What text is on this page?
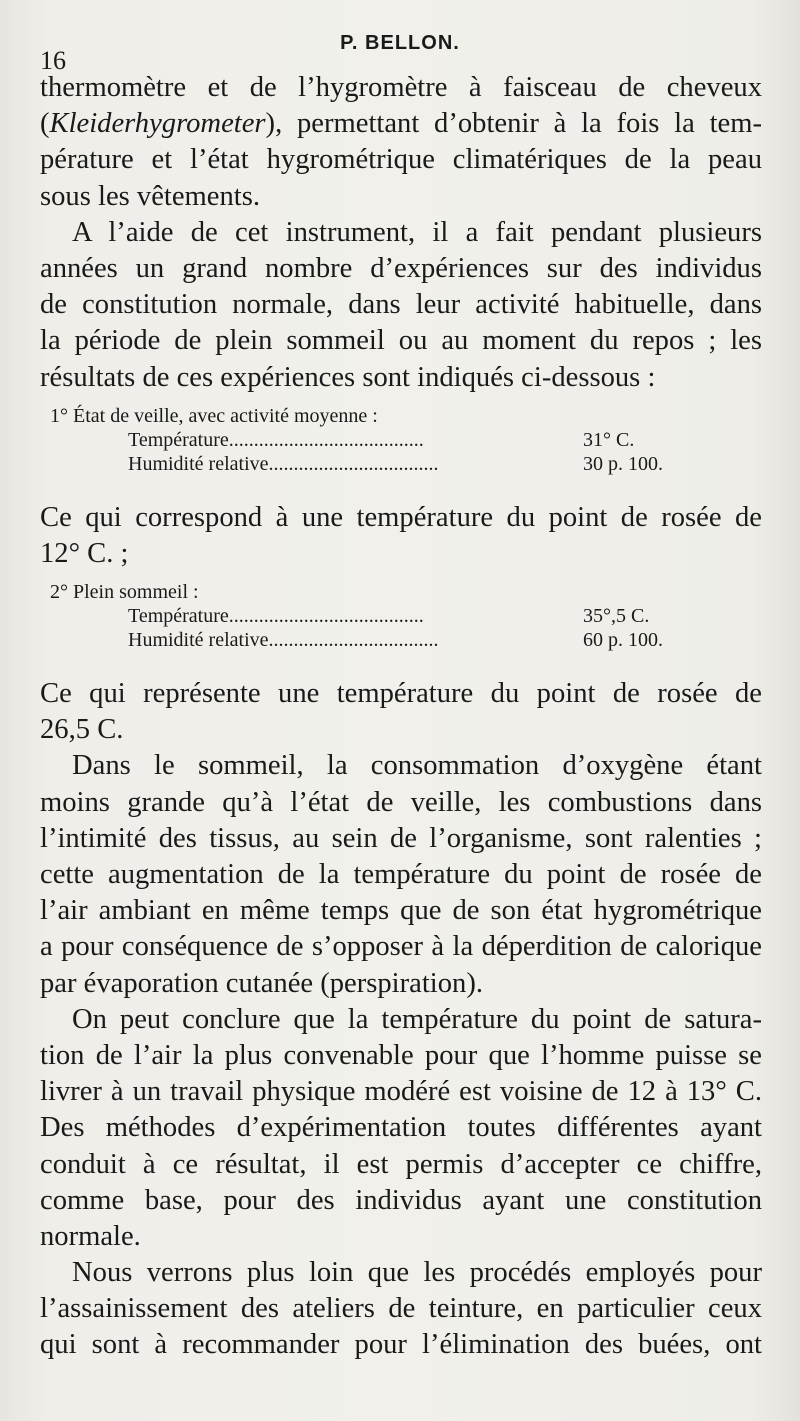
16
P. BELLON.
thermomètre et de l’hygromètre à faisceau de cheveux
(Kleiderhygrometer), permettant d’obtenir à la fois la tem-
pérature et l’état hygrométrique climatériques de la peau
sous les vêtements.
A l’aide de cet instrument, il a fait pendant plusieurs
années un grand nombre d’expériences sur des individus
de constitution normale, dans leur activité habituelle, dans
la période de plein sommeil ou au moment du repos ; les
résultats de ces expériences sont indiqués ci-dessous :
1° État de veille, avec activité moyenne :
Température.......................................	31° C.
Humidité relative..................................	30 p. 100.
Ce qui correspond à une température du point de rosée de
12° C. ;
2° Plein sommeil :
Température.......................................	35°,5 C.
Humidité relative..................................	60 p. 100.
Ce qui représente une température du point de rosée de
26,5 C.
Dans le sommeil, la consommation d’oxygène étant
moins grande qu’à l’état de veille, les combustions dans
l’intimité des tissus, au sein de l’organisme, sont ralenties ;
cette augmentation de la température du point de rosée de
l’air ambiant en même temps que de son état hygrométrique
a pour conséquence de s’opposer à la déperdition de calorique
par évaporation cutanée (perspiration).
On peut conclure que la température du point de satura-
tion de l’air la plus convenable pour que l’homme puisse se
livrer à un travail physique modéré est voisine de 12 à 13° C.
Des méthodes d’expérimentation toutes différentes ayant
conduit à ce résultat, il est permis d’accepter ce chiffre,
comme base, pour des individus ayant une constitution
normale.
Nous verrons plus loin que les procédés employés pour
l’assainissement des ateliers de teinture, en particulier ceux
qui sont à recommander pour l’élimination des buées, ont
